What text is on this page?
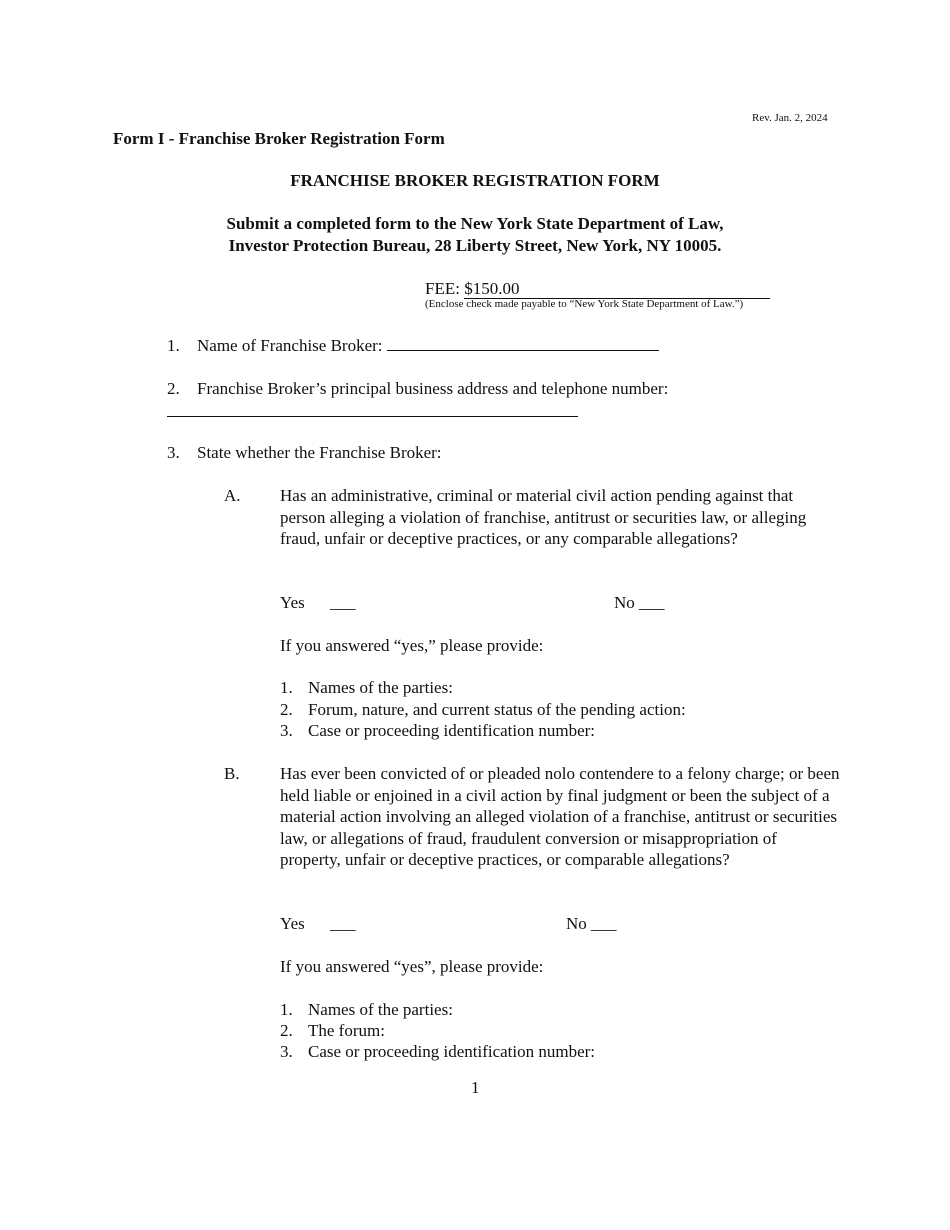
Rev. Jan. 2, 2024
Form I - Franchise Broker Registration Form
FRANCHISE BROKER REGISTRATION FORM
Submit a completed form to the New York State Department of Law,
Investor Protection Bureau, 28 Liberty Street, New York, NY 10005.
FEE: $150.00
(Enclose check made payable to “New York State Department of Law.”)
1. Name of Franchise Broker:
2. Franchise Broker’s principal business address and telephone number:
3. State whether the Franchise Broker:
A. Has an administrative, criminal or material civil action pending against that person alleging a violation of franchise, antitrust or securities law, or alleging fraud, unfair or deceptive practices, or any comparable allegations?
Yes ___	No ___
If you answered “yes,” please provide:
1. Names of the parties:
2. Forum, nature, and current status of the pending action:
3. Case or proceeding identification number:
B. Has ever been convicted of or pleaded nolo contendere to a felony charge; or been held liable or enjoined in a civil action by final judgment or been the subject of a material action involving an alleged violation of a franchise, antitrust or securities law, or allegations of fraud, fraudulent conversion or misappropriation of property, unfair or deceptive practices, or comparable allegations?
Yes ___	No ___
If you answered “yes”, please provide:
1. Names of the parties:
2. The forum:
3. Case or proceeding identification number:
1
